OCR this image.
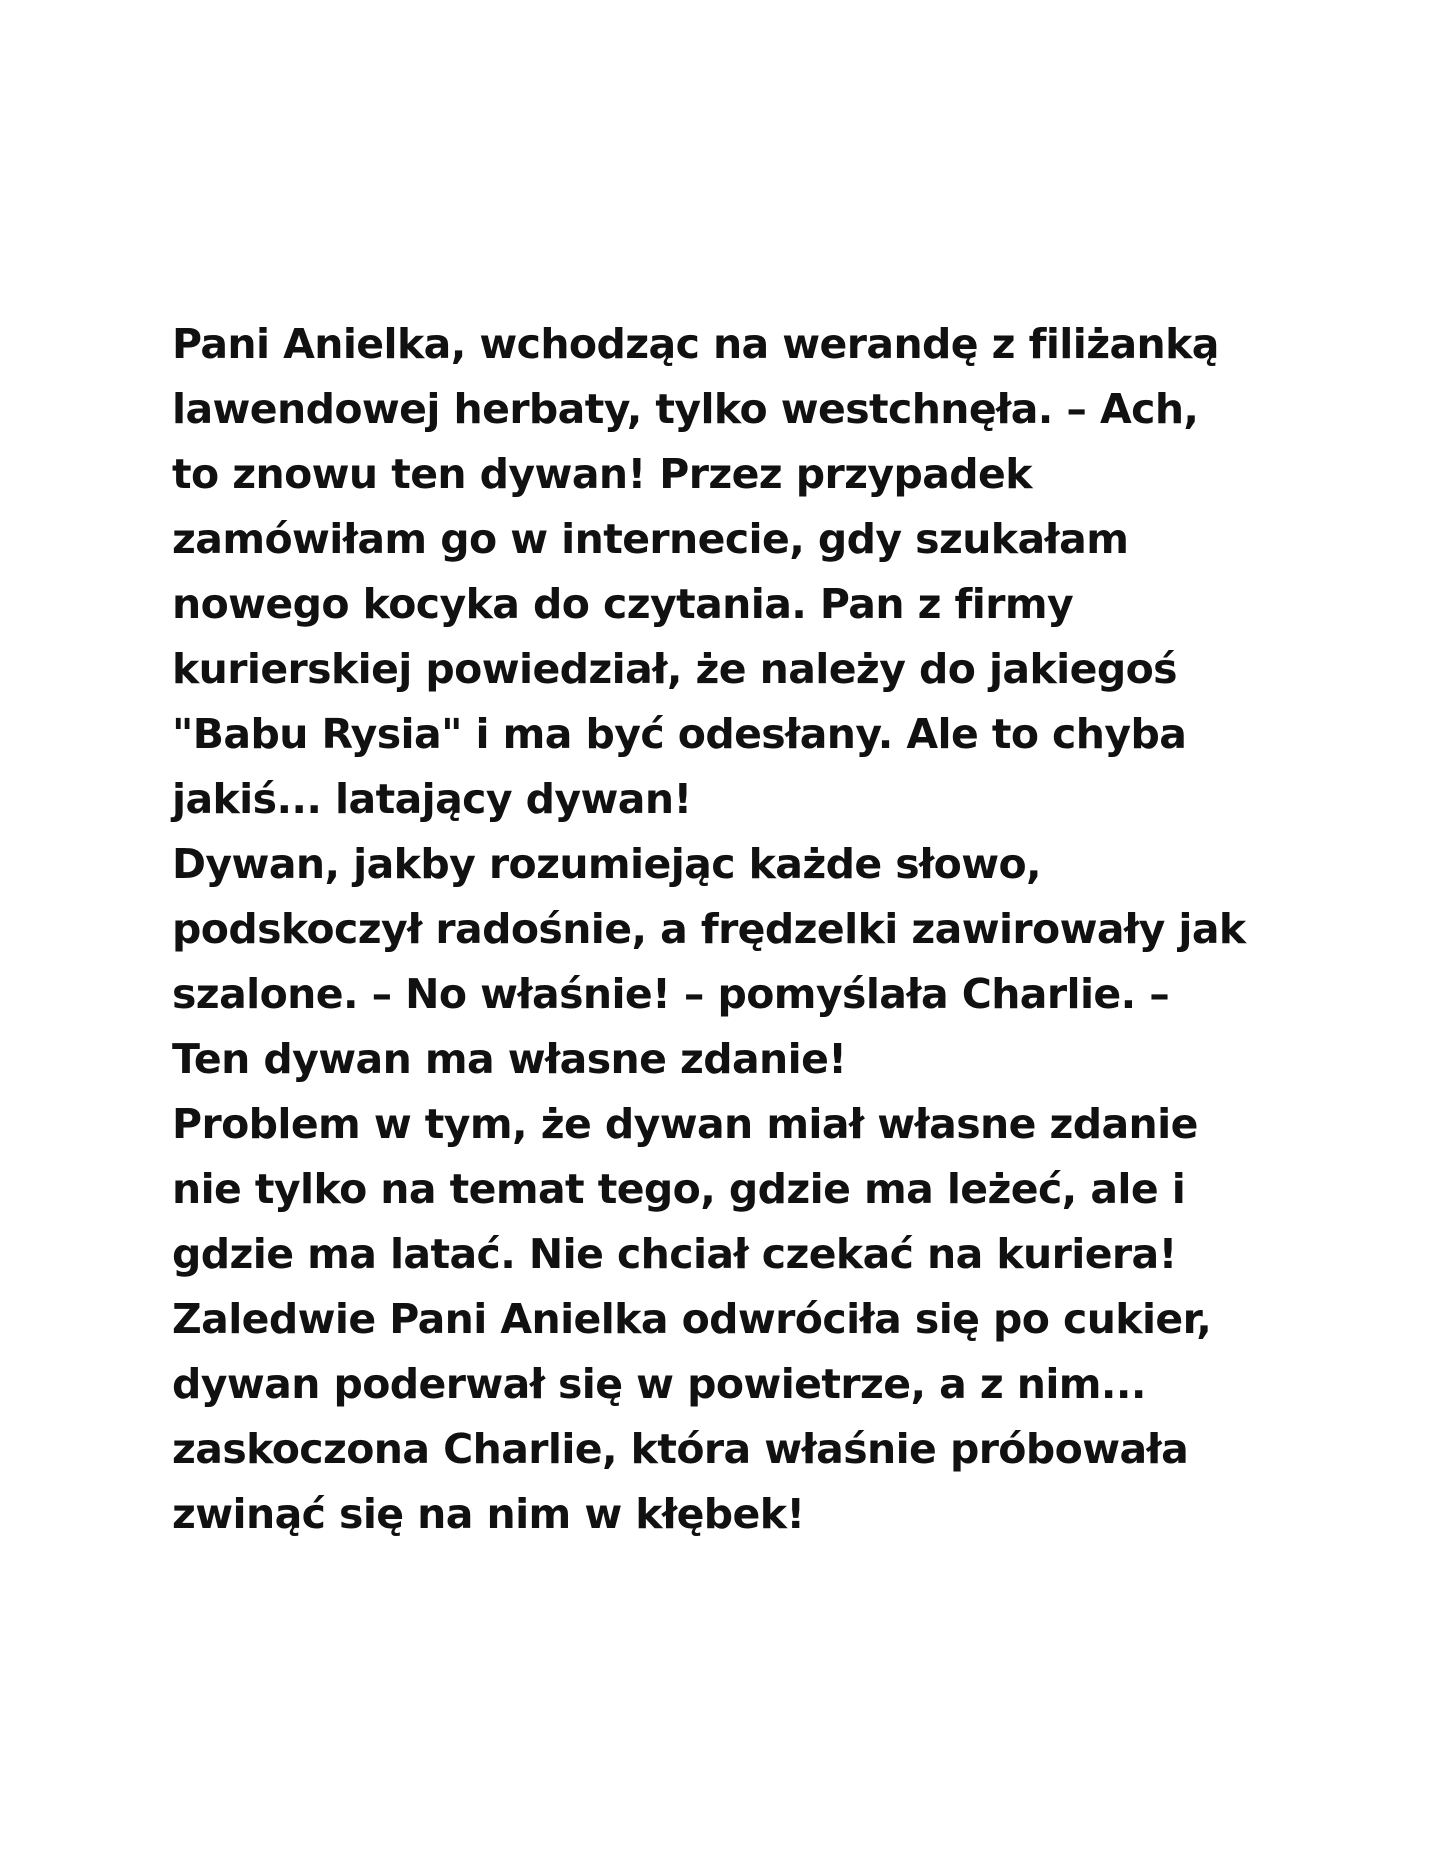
Pani Anielka, wchodząc na werandę z filiżanką
lawendowej herbaty, tylko westchnęła. – Ach,
to znowu ten dywan! Przez przypadek
zamówiłam go w internecie, gdy szukałam
nowego kocyka do czytania. Pan z firmy
kurierskiej powiedział, że należy do jakiegoś
"Babu Rysia" i ma być odesłany. Ale to chyba
jakiś... latający dywan!
Dywan, jakby rozumiejąc każde słowo,
podskoczył radośnie, a frędzelki zawirowały jak
szalone. – No właśnie! – pomyślała Charlie. –
Ten dywan ma własne zdanie!
Problem w tym, że dywan miał własne zdanie
nie tylko na temat tego, gdzie ma leżeć, ale i
gdzie ma latać. Nie chciał czekać na kuriera!
Zaledwie Pani Anielka odwróciła się po cukier,
dywan poderwał się w powietrze, a z nim...
zaskoczona Charlie, która właśnie próbowała
zwinąć się na nim w kłębek!
